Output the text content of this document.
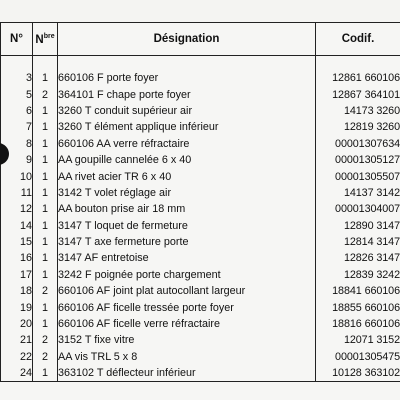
N°	$N^{bre}$	Désignation	Codif.

3	1	660106 F porte foyer	12861 660106
5	2	364101 F chape porte foyer	12867 364101
6	1	3260 T conduit supérieur air	14173 3260
7	1	3260 T élément applique inférieur	12819 3260
8	1	660106 AA verre réfractaire	00001307634
9	1	AA goupille cannelée 6 x 40	00001305127
10	1	AA rivet acier TR 6 x 40	00001305507
11	1	3142 T volet réglage air	14137 3142
12	1	AA bouton prise air 18 mm	00001304007
14	1	3147 T loquet de fermeture	12890 3147
15	1	3147 T axe fermeture porte	12814 3147
16	1	3147 AF entretoise	12826 3147
17	1	3242 F poignée porte chargement	12839 3242
18	2	660106 AF joint plat autocollant largeur	18841 660106
19	1	660106 AF ficelle tressée porte foyer	18855 660106
20	1	660106 AF ficelle verre réfractaire	18816 660106
21	2	3152 T fixe vitre	12071 3152
22	2	AA vis TRL 5 x 8	00001305475
24	1	363102 T déflecteur inférieur	10128 363102
